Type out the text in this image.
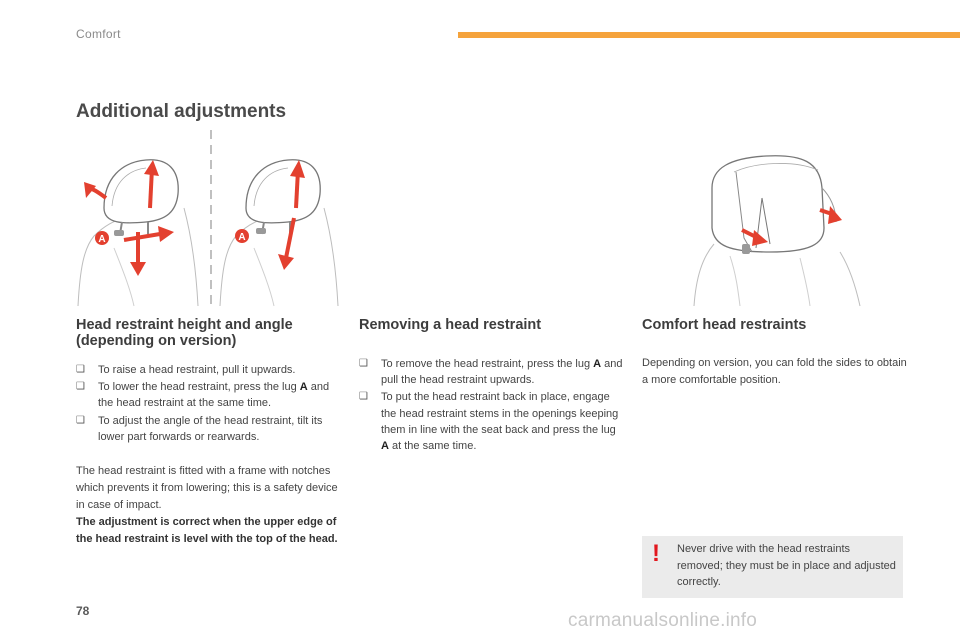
Comfort
Additional adjustments
A	A
Head restraint height and angle (depending on version)
❑ To raise a head restraint, pull it upwards.
❑ To lower the head restraint, press the lug A and the head restraint at the same time.
❑ To adjust the angle of the head restraint, tilt its lower part forwards or rearwards.

The head restraint is fitted with a frame with notches which prevents it from lowering; this is a safety device in case of impact.

The adjustment is correct when the upper edge of the head restraint is level with the top of the head.

Removing a head restraint
❑ To remove the head restraint, press the lug A and pull the head restraint upwards.
❑ To put the head restraint back in place, engage the head restraint stems in the openings keeping them in line with the seat back and press the lug A at the same time.
Comfort head restraints

Depending on version, you can fold the sides to obtain a more comfortable position.

! Never drive with the head restraints removed; they must be in place and adjusted correctly.
78	carmanualsonline.info
